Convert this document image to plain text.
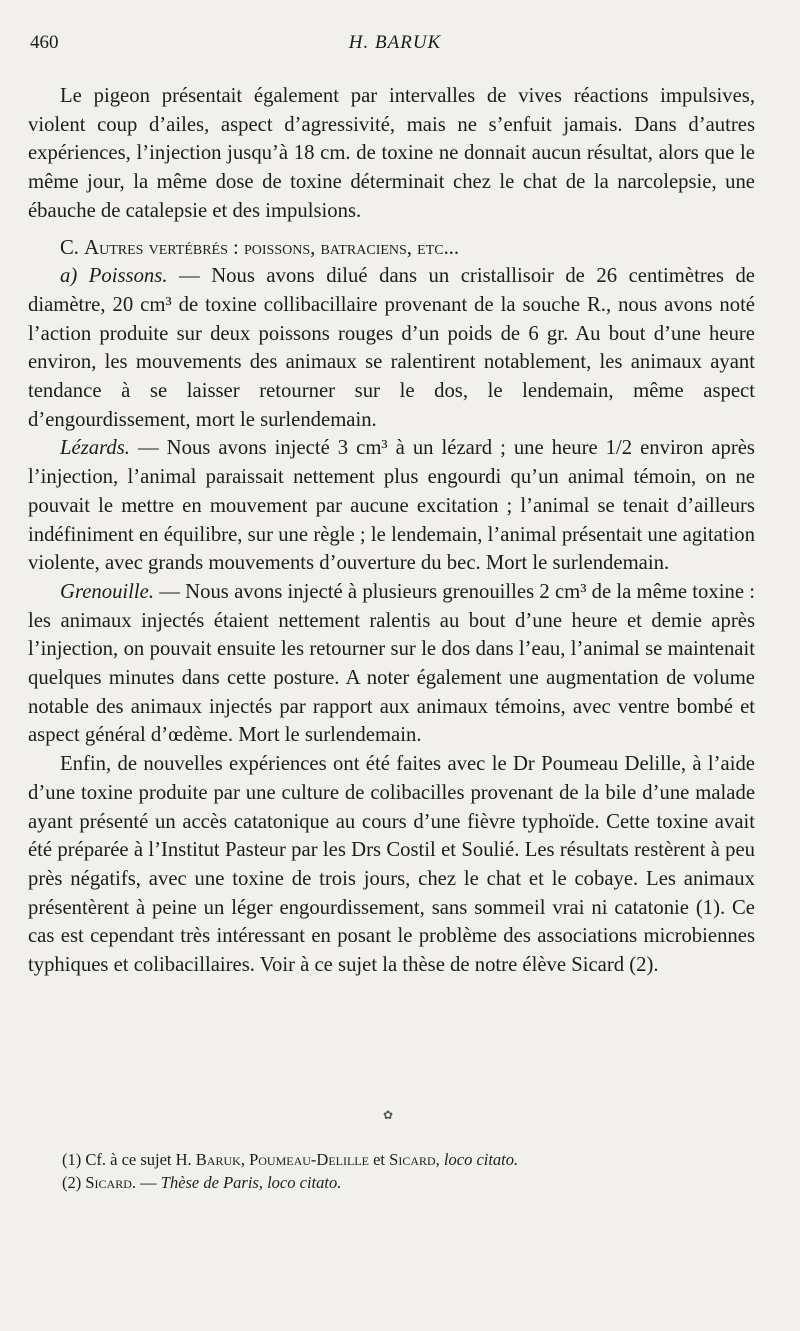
460	H. BARUK

Le pigeon présentait également par intervalles de vives réactions impulsives, violent coup d’ailes, aspect d’agressivité, mais ne s’enfuit jamais. Dans d’autres expériences, l’injection jusqu’à 18 cm. de toxine ne donnait aucun résultat, alors que le même jour, la même dose de toxine déterminait chez le chat de la narcolepsie, une ébauche de catalepsie et des impulsions.

C. Autres vertébrés : poissons, batraciens, etc...

a) Poissons. — Nous avons dilué dans un cristallisoir de 26 centimètres de diamètre, 20 cm³ de toxine collibacillaire provenant de la souche R., nous avons noté l’action produite sur deux poissons rouges d’un poids de 6 gr. Au bout d’une heure environ, les mouvements des animaux se ralentirent notablement, les animaux ayant tendance à se laisser retourner sur le dos, le lendemain, même aspect d’engourdissement, mort le surlendemain.

Lézards. — Nous avons injecté 3 cm³ à un lézard ; une heure 1/2 environ après l’injection, l’animal paraissait nettement plus engourdi qu’un animal témoin, on ne pouvait le mettre en mouvement par aucune excitation ; l’animal se tenait d’ailleurs indéfiniment en équilibre, sur une règle ; le lendemain, l’animal présentait une agitation violente, avec grands mouvements d’ouverture du bec. Mort le surlendemain.

Grenouille. — Nous avons injecté à plusieurs grenouilles 2 cm³ de la même toxine : les animaux injectés étaient nettement ralentis au bout d’une heure et demie après l’injection, on pouvait ensuite les retourner sur le dos dans l’eau, l’animal se maintenait quelques minutes dans cette posture. A noter également une augmentation de volume notable des animaux injectés par rapport aux animaux témoins, avec ventre bombé et aspect général d’œdème. Mort le surlendemain.

Enfin, de nouvelles expériences ont été faites avec le Dr Poumeau Delille, à l’aide d’une toxine produite par une culture de colibacilles provenant de la bile d’une malade ayant présenté un accès catatonique au cours d’une fièvre typhoïde. Cette toxine avait été préparée à l’Institut Pasteur par les Drs Costil et Soulié. Les résultats restèrent à peu près négatifs, avec une toxine de trois jours, chez le chat et le cobaye. Les animaux présentèrent à peine un léger engourdissement, sans sommeil vrai ni catatonie (1). Ce cas est cependant très intéressant en posant le problème des associations microbiennes typhiques et colibacillaires. Voir à ce sujet la thèse de notre élève Sicard (2).

✿

(1) Cf. à ce sujet H. Baruk, Poumeau-Delille et Sicard, loco citato.

(2) Sicard. — Thèse de Paris, loco citato.
